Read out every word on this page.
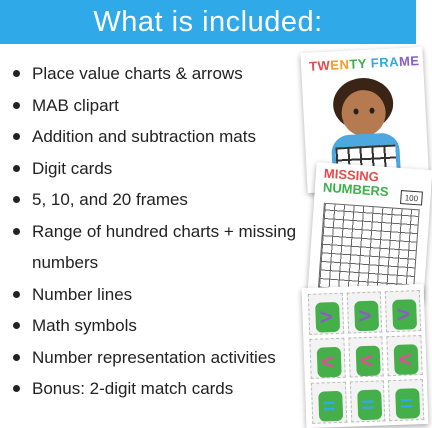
What is included:
Place value charts & arrows
MAB clipart
Addition and subtraction mats
Digit cards
5, 10, and 20 frames
Range of hundred charts + missing
numbers
Number lines
Math symbols
Number representation activities
Bonus: 2-digit match cards
TWENTY FRAME
MISSING
NUMBERS	100
> > >
< < <
= = =
